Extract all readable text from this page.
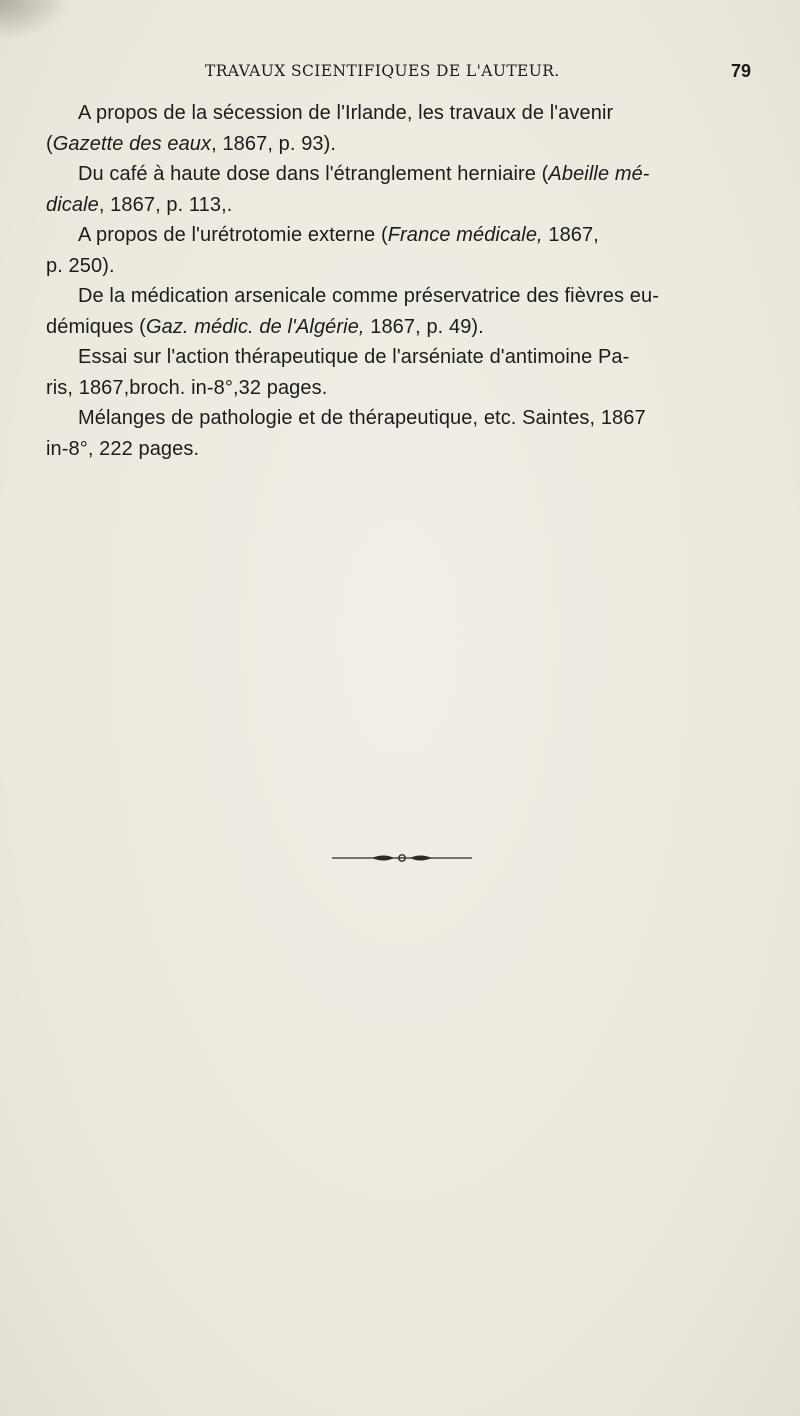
TRAVAUX SCIENTIFIQUES DE L'AUTEUR.	79

A propos de la sécession de l'Irlande, les travaux de l'avenir
(Gazette des eaux, 1867, p. 93).

Du café à haute dose dans l'étranglement herniaire (Abeille mé-
dicale, 1867, p. 113,.

A propos de l'urétrotomie externe (France médicale, 1867,
p. 250).

De la médication arsenicale comme préservatrice des fièvres eu-
démiques (Gaz. médic. de l'Algérie, 1867, p. 49).

Essai sur l'action thérapeutique de l'arséniate d'antimoine Pa-
ris, 1867,broch. in-8°,32 pages.

Mélanges de pathologie et de thérapeutique, etc. Saintes, 1867
in-8°, 222 pages.
